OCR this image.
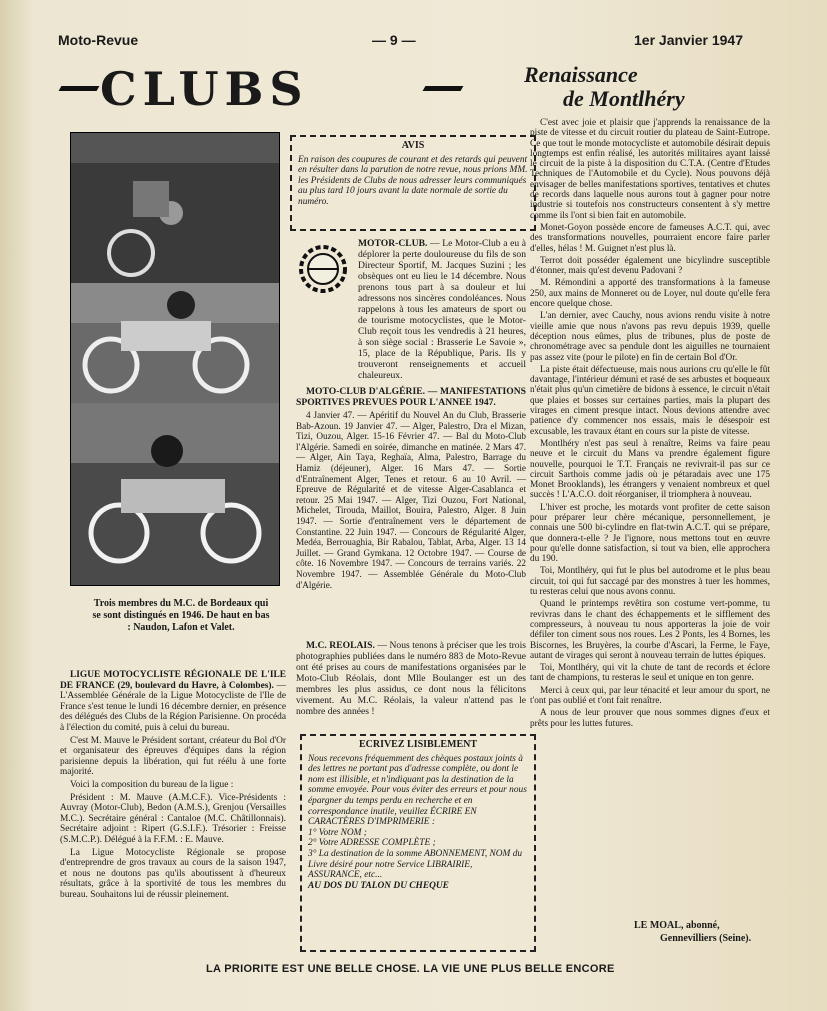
Moto-Revue	— 9 —	1er Janvier 1947
CLUBS	Renaissance
de Montlhéry
Trois membres du M.C. de Bordeaux qui se sont distingués en 1946. De haut en bas : Naudon, Lafon et Valet.
AVIS

En raison des coupures de courant et des retards qui peuvent en résulter dans la parution de notre revue, nous prions MM. les Présidents de Clubs de nous adresser leurs communiqués au plus tard 10 jours avant la date normale de sortie du numéro.

MOTOR-CLUB. — Le Motor-Club a eu à déplorer la perte douloureuse du fils de son Directeur Sportif, M. Jacques Suzini ; les obsèques ont eu lieu le 14 décembre. Nous prenons tous part à sa douleur et lui adressons nos sincères condoléances. Nous rappelons à tous les amateurs de sport ou de tourisme motocyclistes, que le Motor-Club reçoit tous les vendredis à 21 heures, à son siège social : Brasserie Le Savoie », 15, place de la République, Paris. Ils y trouveront renseignements et accueil chaleureux.

MOTO-CLUB D'ALGÉRIE. — MANIFESTATIONS SPORTIVES PREVUES POUR L'ANNEE 1947.

4 Janvier 47. — Apéritif du Nouvel An du Club, Brasserie Bab-Azoun. 19 Janvier 47. — Alger, Palestro, Dra el Mizan, Tizi, Ouzou, Alger. 15-16 Février 47. — Bal du Moto-Club l'Algérie. Samedi en soirée, dimanche en matinée. 2 Mars 47. — Alger, Ain Taya, Reghaïa, Alma, Palestro, Barrage du Hamiz (déjeuner), Alger. 16 Mars 47. — Sortie d'Entraînement Alger, Tenes et retour. 6 au 10 Avril. — Epreuve de Régularité et de vitesse Alger-Casablanca et retour. 25 Mai 1947. — Alger, Tizi Ouzou, Fort National, Michelet, Tirouda, Maillot, Bouira, Palestro, Alger. 8 Juin 1947. — Sortie d'entraînement vers le département de Constantine. 22 Juin 1947. — Concours de Régularité Alger, Medéa, Berrouaghia, Bir Rabalou, Tablat, Arba, Alger. 13 14 Juillet. — Grand Gymkana. 12 Octobre 1947. — Course de côte. 16 Novembre 1947. — Concours de terrains variés. 22 Novembre 1947. — Assemblée Générale du Moto-Club d'Algérie.

M.C. REOLAIS. — Nous tenons à préciser que les trois photographies publiées dans le numéro 883 de Moto-Revue ont été prises au cours de manifestations organisées par le Moto-Club Réolais, dont Mlle Boulanger est un des membres les plus assidus, ce dont nous la félicitons vivement. Au M.C. Réolais, la valeur n'attend pas le nombre des années !

LIGUE MOTOCYCLISTE RÉGIONALE DE L'ILE DE FRANCE (29, boulevard du Havre, à Colombes). — L'Assemblée Générale de la Ligue Motocycliste de l'Ile de France s'est tenue le lundi 16 décembre dernier, en présence des délégués des Clubs de la Région Parisienne. On procéda à l'élection du comité, puis à celui du bureau.

C'est M. Mauve le Président sortant, créateur du Bol d'Or et organisateur des épreuves d'équipes dans la région parisienne depuis la libération, qui fut réélu à une forte majorité.

Voici la composition du bureau de la ligue :

Président : M. Mauve (A.M.C.F.). Vice-Présidents : Auvray (Motor-Club), Bedon (A.M.S.), Grenjou (Versailles M.C.). Secrétaire général : Cantaloe (M.C. Châtillonnais). Secrétaire adjoint : Ripert (G.S.I.F.). Trésorier : Freisse (S.M.C.P.). Délégué à la F.F.M. : E. Mauve.

La Ligue Motocycliste Régionale se propose d'entreprendre de gros travaux au cours de la saison 1947, et nous ne doutons pas qu'ils aboutissent à d'heureux résultats, grâce à la sportivité de tous les membres du bureau. Souhaitons lui de réussir pleinement.

ECRIVEZ LISIBLEMENT

Nous recevons fréquemment des chèques postaux joints à des lettres ne portant pas d'adresse complète, ou dont le nom est illisible, et n'indiquant pas la destination de la somme envoyée. Pour vous éviter des erreurs et pour nous épargner du temps perdu en recherche et en correspondance inutile, veuillez ÉCRIRE EN CARACTÈRES D'IMPRIMERIE :

1° Votre NOM ;

2° Votre ADRESSE COMPLÈTE ;

3° La destination de la somme ABONNEMENT, NOM du Livre désiré pour notre Service LIBRAIRIE, ASSURANCE, etc...

AU DOS DU TALON DU CHEQUE

C'est avec joie et plaisir que j'apprends la renaissance de la piste de vitesse et du circuit routier du plateau de Saint-Eutrope. Ce que tout le monde motocycliste et automobile désirait depuis longtemps est enfin réalisé, les autorités militaires ayant laissé le circuit de la piste à la disposition du C.T.A. (Centre d'Etudes Techniques de l'Automobile et du Cycle). Nous pouvons déjà envisager de belles manifestations sportives, tentatives et chutes de records dans laquelle nous aurons tout à gagner pour notre industrie si toutefois nos constructeurs consentent à s'y mettre comme ils l'ont si bien fait en automobile.

Monet-Goyon possède encore de fameuses A.C.T. qui, avec des transformations nouvelles, pourraient encore faire parler d'elles, hélas ! M. Guignet n'est plus là.

Terrot doit posséder également une bicylindre susceptible d'étonner, mais qu'est devenu Padovani ?

M. Rémondini a apporté des transformations à la fameuse 250, aux mains de Monneret ou de Loyer, nul doute qu'elle fera encore quelque chose.

L'an dernier, avec Cauchy, nous avions rendu visite à notre vieille amie que nous n'avons pas revu depuis 1939, quelle déception nous eûmes, plus de tribunes, plus de poste de chronométrage avec sa pendule dont les aiguilles ne tournaient pas assez vite (pour le pilote) en fin de certain Bol d'Or.

La piste était défectueuse, mais nous aurions cru qu'elle le fût davantage, l'intérieur démuni et rasé de ses arbustes et boqueaux n'était plus qu'un cimetière de bidons à essence, le circuit n'était que plaies et bosses sur certaines parties, mais la plupart des virages en ciment presque intact. Nous devions attendre avec patience d'y commencer nos essais, mais le désespoir est excusable, les travaux étant en cours sur la piste de vitesse.

Montlhéry n'est pas seul à renaître, Reims va faire peau neuve et le circuit du Mans va prendre également figure nouvelle, pourquoi le T.T. Français ne revivrait-il pas sur ce circuit Sarthois comme jadis où je pétaradais avec une 175 Monet Brooklands), les étrangers y venaient nombreux et quel succès ! L'A.C.O. doit réorganiser, il triomphera à nouveau.

L'hiver est proche, les motards vont profiter de cette saison pour préparer leur chère mécanique, personnellement, je connais une 500 bi-cylindre en flat-twin A.C.T. qui se prépare, que donnera-t-elle ? Je l'ignore, nous mettons tout en œuvre pour qu'elle donne satisfaction, si tout va bien, elle approchera du 190.

Toi, Montlhéry, qui fut le plus bel autodrome et le plus beau circuit, toi qui fut saccagé par des monstres à tuer les hommes, tu resteras celui que nous avons connu.

Quand le printemps revêtira son costume vert-pomme, tu revivras dans le chant des échappements et le sifflement des compresseurs, à nouveau tu nous apporteras la joie de voir défiler ton ciment sous nos roues. Les 2 Ponts, les 4 Bornes, les Biscornes, les Bruyères, la courbe d'Ascari, la Ferme, le Faye, autant de virages qui seront à nouveau terrain de luttes épiques.

Toi, Montlhéry, qui vit la chute de tant de records et éclore tant de champions, tu resteras le seul et unique en ton genre.

Merci à ceux qui, par leur ténacité et leur amour du sport, ne t'ont pas oublié et t'ont fait renaître.

A nous de leur prouver que nous sommes dignes d'eux et prêts pour les luttes futures.

LE MOAL, abonné,
Gennevilliers (Seine).
LA PRIORITE EST UNE BELLE CHOSE. LA VIE UNE PLUS BELLE ENCORE
